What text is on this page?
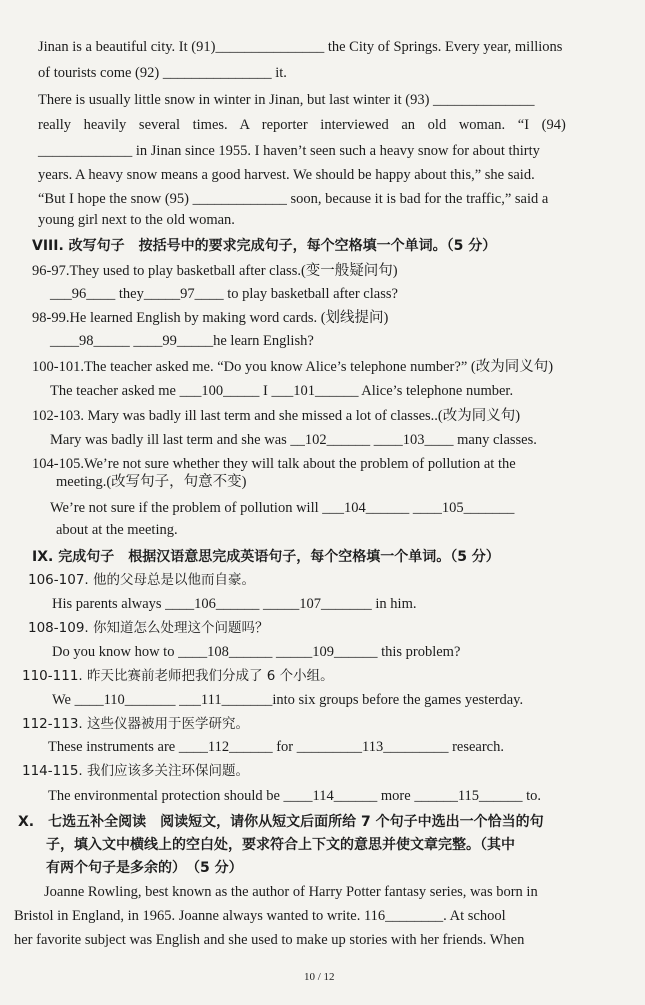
Jinan is a beautiful city. It (91)_______________ the City of Springs. Every year, millions
of tourists come (92) _______________ it.
There is usually little snow in winter in Jinan, but last winter it (93) ______________
really heavily several times. A reporter interviewed an old woman. “I (94)
_____________ in Jinan since 1955. I haven’t seen such a heavy snow for about thirty
years. A heavy snow means a good harvest. We should be happy about this,” she said.
“But I hope the snow (95) _____________ soon, because it is bad for the traffic,” said a
young girl next to the old woman.
VIII. 改写句子　按括号中的要求完成句子，每个空格填一个单词。（5 分）
96-97.They used to play basketball after class.(变一般疑问句)
___96____ they_____97____ to play basketball after class?
98-99.He learned English by making word cards. (划线提问)
____98_____ ____99_____he learn English?
100-101.The teacher asked me. “Do you know Alice’s telephone number?” (改为同义句)
The teacher asked me ___100_____ I ___101______ Alice’s telephone number.
102-103. Mary was badly ill last term and she missed a lot of classes..(改为同义句)
Mary was badly ill last term and she was __102______ ____103____ many classes.
104-105.We’re not sure whether they will talk about the problem of pollution at the
meeting.(改写句子，句意不变)
We’re not sure if the problem of pollution will ___104______ ____105_______
about at the meeting.
IX. 完成句子　根据汉语意思完成英语句子，每个空格填一个单词。（5 分）
106-107. 他的父母总是以他而自豪。
His parents always ____106______ _____107_______ in him.
108-109. 你知道怎么处理这个问题吗？
Do you know how to ____108______ _____109______ this problem?
110-111. 昨天比赛前老师把我们分成了 6 个小组。
We ____110_______ ___111_______into six groups before the games yesterday.
112-113. 这些仪器被用于医学研究。
These instruments are ____112______ for _________113_________ research.
114-115. 我们应该多关注环保问题。
The environmental protection should be ____114______ more ______115______ to.
X.　七选五补全阅读　阅读短文，请你从短文后面所给 7 个句子中选出一个恰当的句
子，填入文中横线上的空白处，要求符合上下文的意思并使文章完整。（其中
有两个句子是多余的）　（5 分）
Joanne Rowling, best known as the author of Harry Potter fantasy series, was born in
Bristol in England, in 1965. Joanne always wanted to write. 116________. At school
her favorite subject was English and she used to make up stories with her friends. When
10 / 12
